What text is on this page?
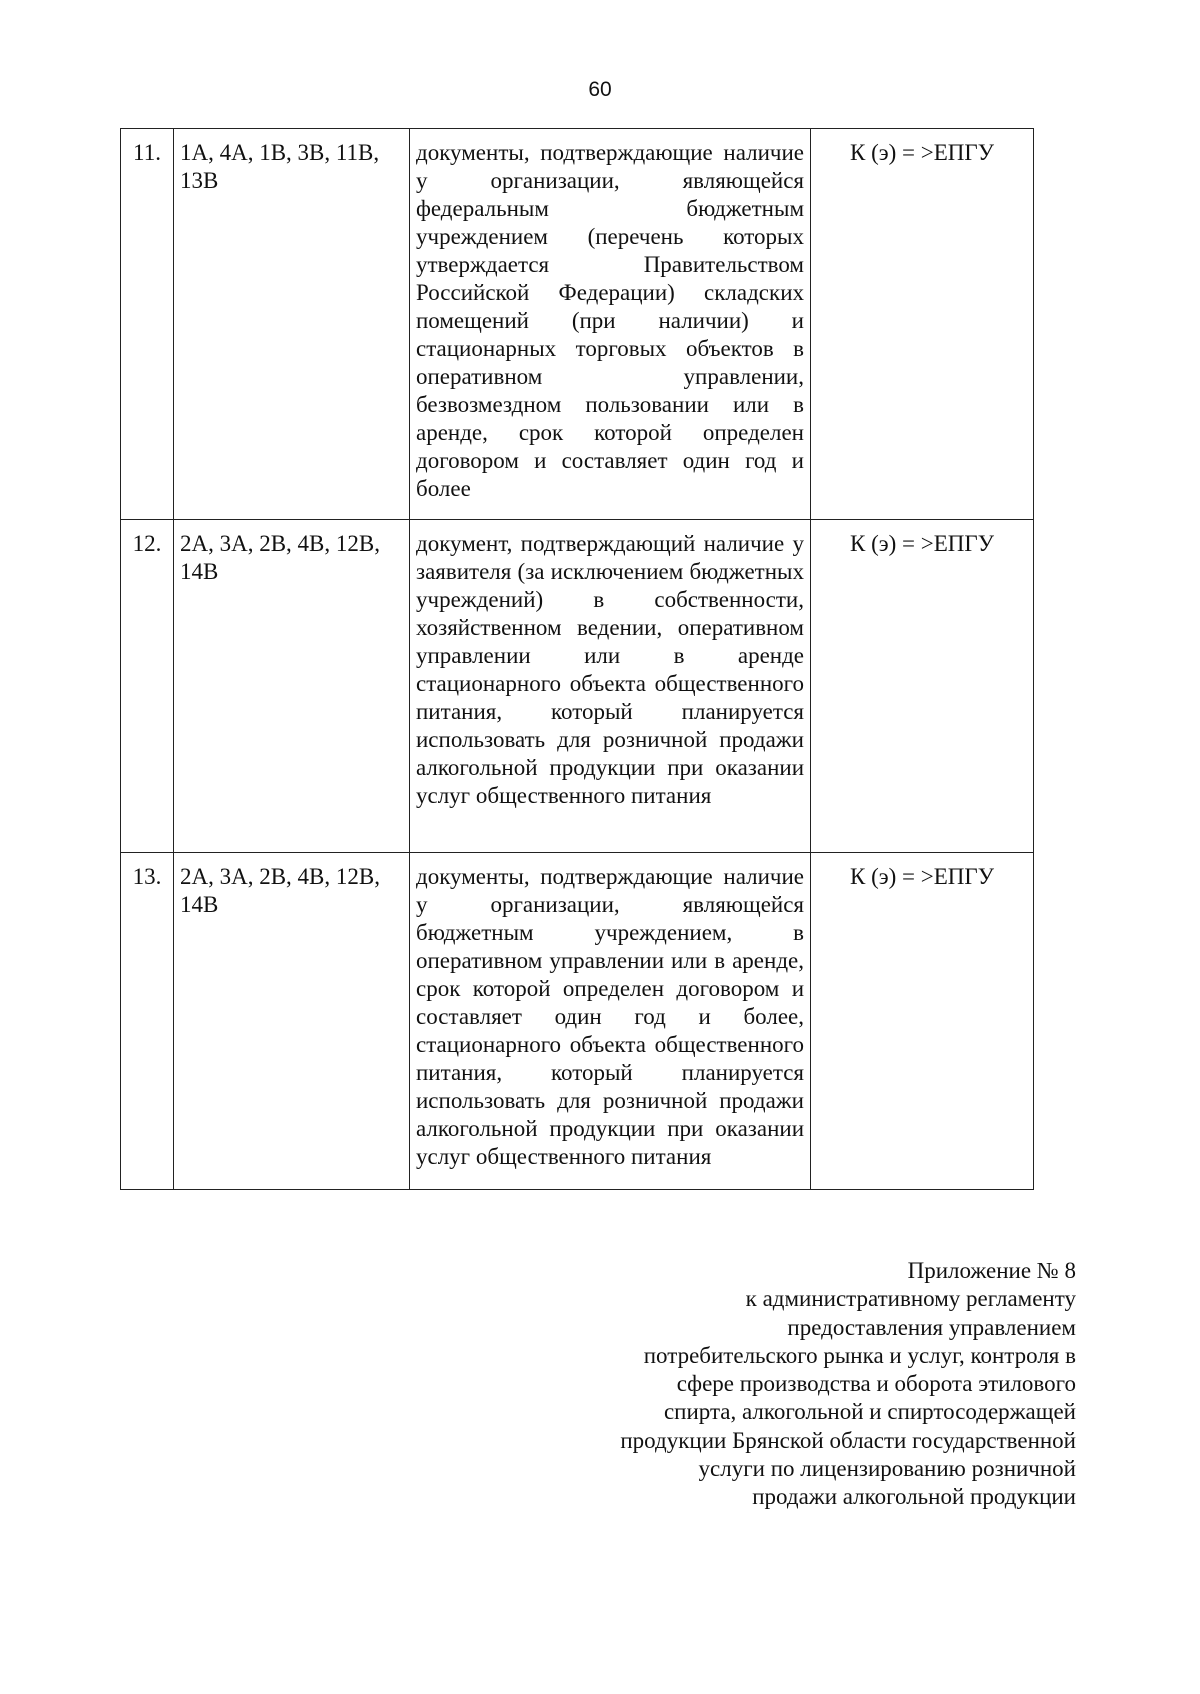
60
11.	1А, 4А, 1В, 3В, 11В, 13В	документы, подтверждающие наличие у организации, являющейся федеральным бюджетным учреждением (перечень которых утверждается Правительством Российской Федерации) складских помещений (при наличии) и стационарных торговых объектов в оперативном управлении, безвозмездном пользовании или в аренде, срок которой определен договором и составляет один год и более	К (э) = >ЕПГУ
12.	2А, 3А, 2В, 4В, 12В, 14В	документ, подтверждающий наличие у заявителя (за исключением бюджетных учреждений) в собственности, хозяйственном ведении, оперативном управлении или в аренде стационарного объекта общественного питания, который планируется использовать для розничной продажи алкогольной продукции при оказании услуг общественного питания	К (э) = >ЕПГУ
13.	2А, 3А, 2В, 4В, 12В, 14В	документы, подтверждающие наличие у организации, являющейся бюджетным учреждением, в оперативном управлении или в аренде, срок которой определен договором и составляет один год и более, стационарного объекта общественного питания, который планируется использовать для розничной продажи алкогольной продукции при оказании услуг общественного питания	К (э) = >ЕПГУ
Приложение № 8
к административному регламенту
предоставления управлением
потребительского рынка и услуг, контроля в
сфере производства и оборота этилового
спирта, алкогольной и спиртосодержащей
продукции Брянской области государственной
услуги по лицензированию розничной
продажи алкогольной продукции
